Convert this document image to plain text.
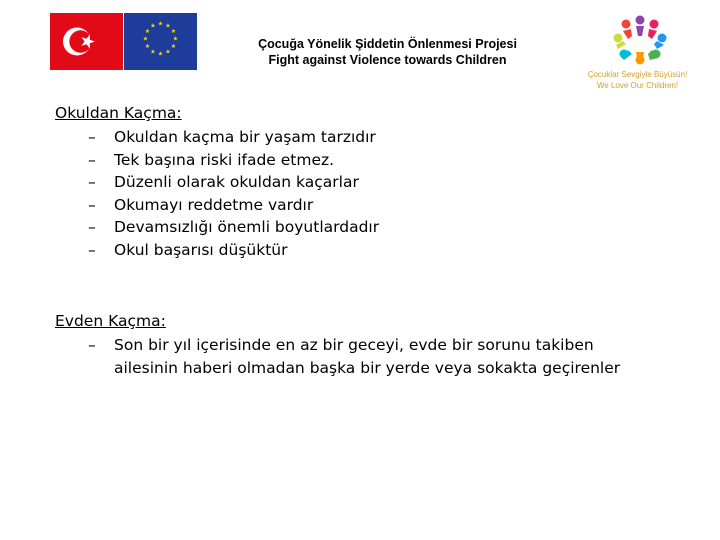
★ ★
★
★
★
★
★
★
★
★
★
★
Çocuğa Yönelik Şiddetin Önlenmesi Projesi
Fight against Violence towards Children
Çocuklar Sevgiyle Büyüsün!
We Love Our Children!
Okuldan Kaçma:
– Okuldan kaçma bir yaşam tarzıdır
– Tek başına riski ifade etmez.
– Düzenli olarak okuldan kaçarlar
– Okumayı reddetme vardır
– Devamsızlığı önemli boyutlardadır
– Okul başarısı düşüktür
Evden Kaçma:
– Son bir yıl içerisinde en az bir geceyi, evde bir sorunu takiben ailesinin haberi olmadan başka bir yerde veya sokakta geçirenler
